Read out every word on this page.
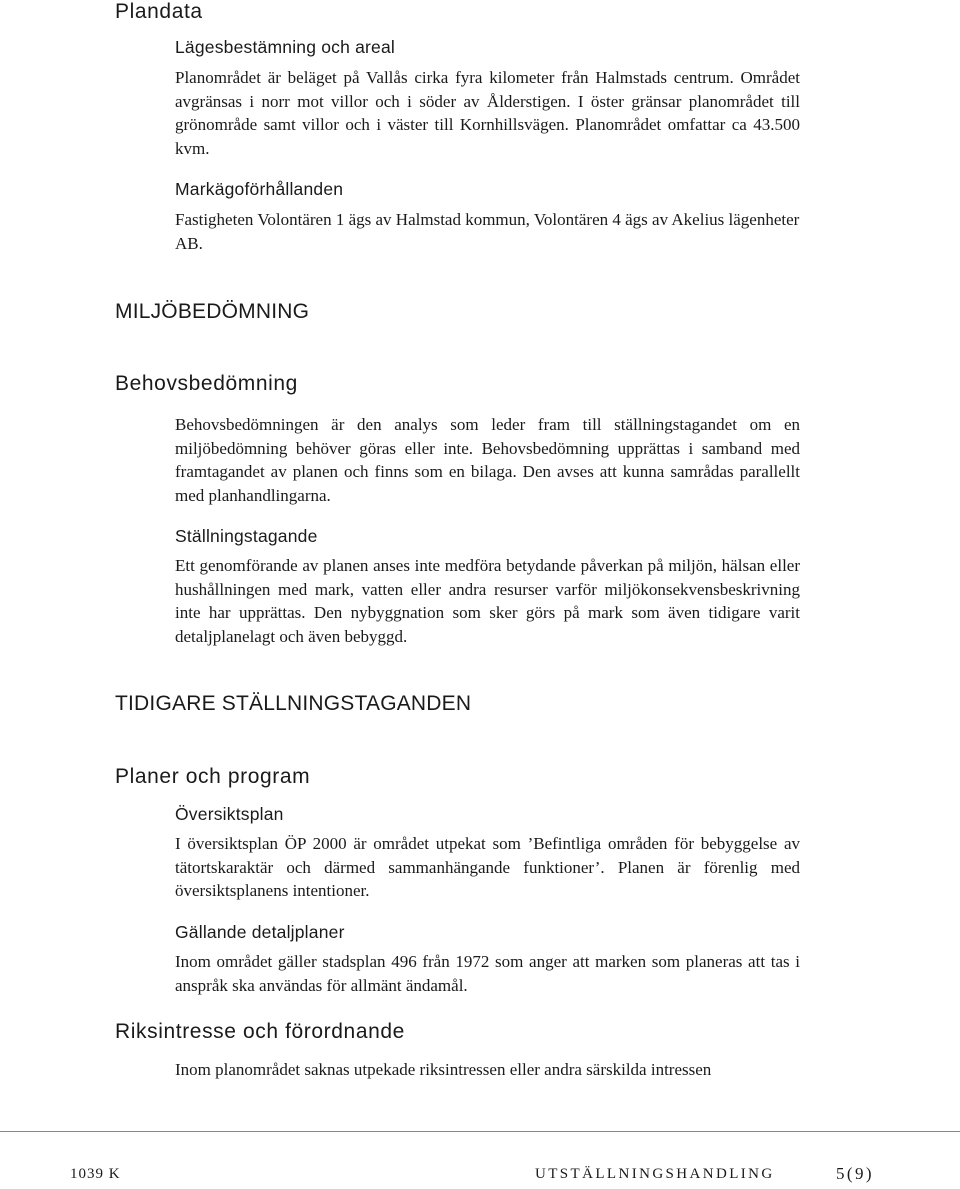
Plandata
Lägesbestämning och areal

Planområdet är beläget på Vallås cirka fyra kilometer från Halmstads centrum. Området avgränsas i norr mot villor och i söder av Ålderstigen. I öster gränsar planområdet till grönområde samt villor och i väster till Kornhillsvägen. Planområdet omfattar ca 43.500 kvm.

Markägoförhållanden

Fastigheten Volontären 1 ägs av Halmstad kommun, Volontären 4 ägs av Akelius lägenheter AB.

MILJÖBEDÖMNING
Behovsbedömning

Behovsbedömningen är den analys som leder fram till ställningstagandet om en miljöbedömning behöver göras eller inte. Behovsbedömning upprättas i samband med framtagandet av planen och finns som en bilaga. Den avses att kunna samrådas parallellt med planhandlingarna.

Ställningstagande

Ett genomförande av planen anses inte medföra betydande påverkan på miljön, hälsan eller hushållningen med mark, vatten eller andra resurser varför miljökonsekvensbeskrivning inte har upprättas. Den nybyggnation som sker görs på mark som även tidigare varit detaljplanelagt och även bebyggd.

TIDIGARE STÄLLNINGSTAGANDEN
Planer och program
Översiktsplan

I översiktsplan ÖP 2000 är området utpekat som ’Befintliga områden för bebyggelse av tätortskaraktär och därmed sammanhängande funktioner’. Planen är förenlig med översiktsplanens intentioner.

Gällande detaljplaner

Inom området gäller stadsplan 496 från 1972 som anger att marken som planeras att tas i anspråk ska användas för allmänt ändamål.

Riksintresse och förordnande

Inom planområdet saknas utpekade riksintressen eller andra särskilda intressen

1039 K	UTSTÄLLNINGSHANDLING	5(9)
